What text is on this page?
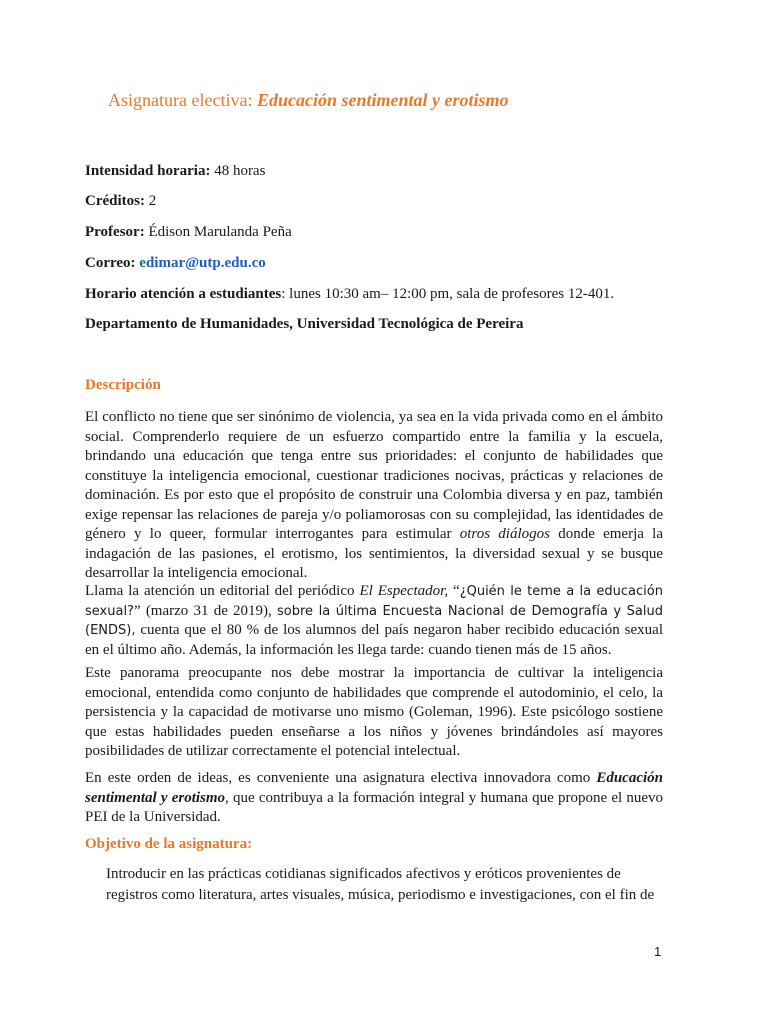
Asignatura electiva: Educación sentimental y erotismo
Intensidad horaria: 48 horas
Créditos: 2
Profesor: Édison Marulanda Peña
Correo: edimar@utp.edu.co
Horario atención a estudiantes: lunes 10:30 am– 12:00 pm, sala de profesores 12-401.
Departamento de Humanidades, Universidad Tecnológica de Pereira
Descripción

El conflicto no tiene que ser sinónimo de violencia, ya sea en la vida privada como en el ámbito social. Comprenderlo requiere de un esfuerzo compartido entre la familia y la escuela, brindando una educación que tenga entre sus prioridades: el conjunto de habilidades que constituye la inteligencia emocional, cuestionar tradiciones nocivas, prácticas y relaciones de dominación. Es por esto que el propósito de construir una Colombia diversa y en paz, también exige repensar las relaciones de pareja y/o poliamorosas con su complejidad, las identidades de género y lo queer, formular interrogantes para estimular otros diálogos donde emerja la indagación de las pasiones, el erotismo, los sentimientos, la diversidad sexual y se busque desarrollar la inteligencia emocional.

Llama la atención un editorial del periódico El Espectador, “¿Quién le teme a la educación sexual?” (marzo 31 de 2019), sobre la última Encuesta Nacional de Demografía y Salud (ENDS), cuenta que el 80 % de los alumnos del país negaron haber recibido educación sexual en el último año. Además, la información les llega tarde: cuando tienen más de 15 años.

Este panorama preocupante nos debe mostrar la importancia de cultivar la inteligencia emocional, entendida como conjunto de habilidades que comprende el autodominio, el celo, la persistencia y la capacidad de motivarse uno mismo (Goleman, 1996). Este psicólogo sostiene que estas habilidades pueden enseñarse a los niños y jóvenes brindándoles así mayores posibilidades de utilizar correctamente el potencial intelectual.

En este orden de ideas, es conveniente una asignatura electiva innovadora como Educación sentimental y erotismo, que contribuya a la formación integral y humana que propone el nuevo PEI de la Universidad.

Objetivo de la asignatura:

Introducir en las prácticas cotidianas significados afectivos y eróticos provenientes de registros como literatura, artes visuales, música, periodismo e investigaciones, con el fin de

1
